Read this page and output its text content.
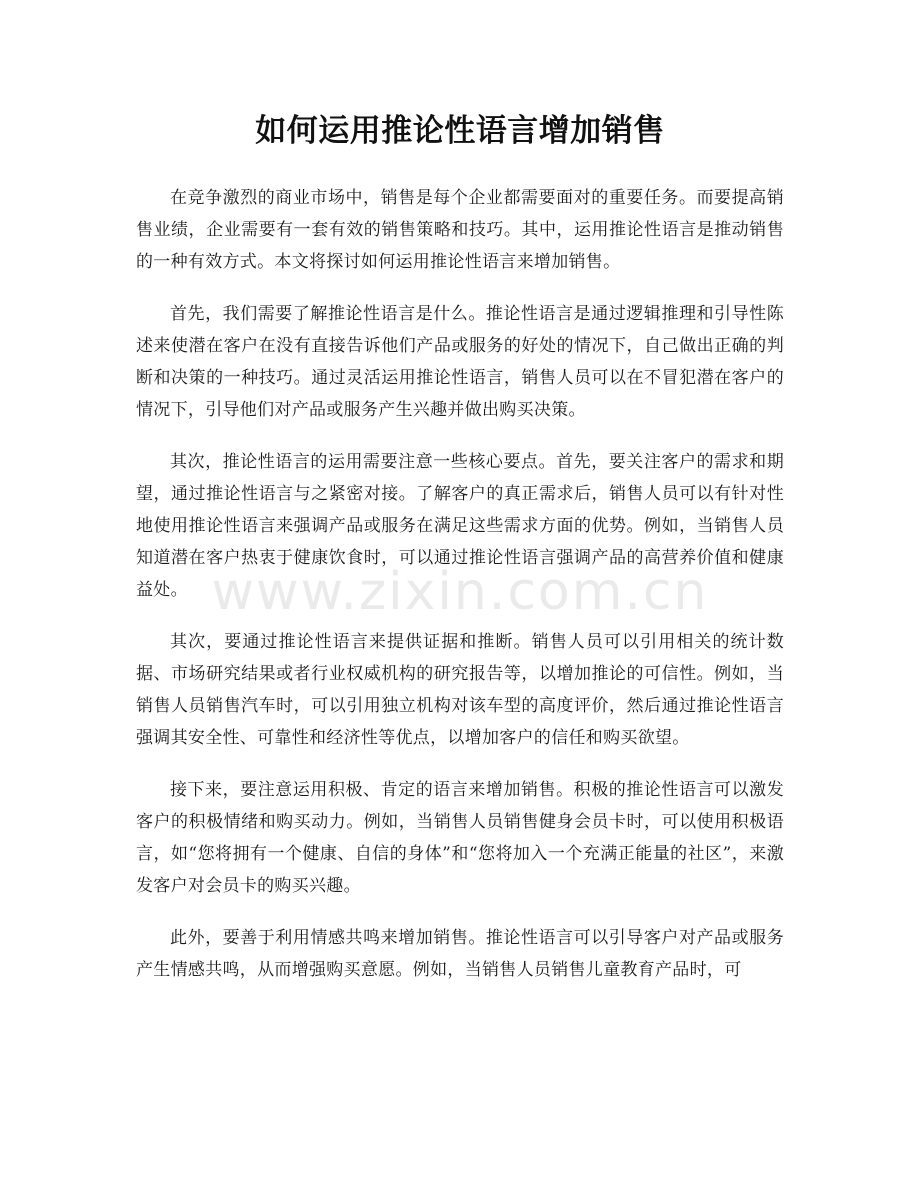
如何运用推论性语言增加销售
www.zixin.com.cn

在竞争激烈的商业市场中，销售是每个企业都需要面对的重要任务。而要提高销售业绩，企业需要有一套有效的销售策略和技巧。其中，运用推论性语言是推动销售的一种有效方式。本文将探讨如何运用推论性语言来增加销售。

首先，我们需要了解推论性语言是什么。推论性语言是通过逻辑推理和引导性陈述来使潜在客户在没有直接告诉他们产品或服务的好处的情况下，自己做出正确的判断和决策的一种技巧。通过灵活运用推论性语言，销售人员可以在不冒犯潜在客户的情况下，引导他们对产品或服务产生兴趣并做出购买决策。

其次，推论性语言的运用需要注意一些核心要点。首先，要关注客户的需求和期望，通过推论性语言与之紧密对接。了解客户的真正需求后，销售人员可以有针对性地使用推论性语言来强调产品或服务在满足这些需求方面的优势。例如，当销售人员知道潜在客户热衷于健康饮食时，可以通过推论性语言强调产品的高营养价值和健康益处。

其次，要通过推论性语言来提供证据和推断。销售人员可以引用相关的统计数据、市场研究结果或者行业权威机构的研究报告等，以增加推论的可信性。例如，当销售人员销售汽车时，可以引用独立机构对该车型的高度评价，然后通过推论性语言强调其安全性、可靠性和经济性等优点，以增加客户的信任和购买欲望。

接下来，要注意运用积极、肯定的语言来增加销售。积极的推论性语言可以激发客户的积极情绪和购买动力。例如，当销售人员销售健身会员卡时，可以使用积极语言，如“您将拥有一个健康、自信的身体”和“您将加入一个充满正能量的社区”，来激发客户对会员卡的购买兴趣。

此外，要善于利用情感共鸣来增加销售。推论性语言可以引导客户对产品或服务产生情感共鸣，从而增强购买意愿。例如，当销售人员销售儿童教育产品时，可
